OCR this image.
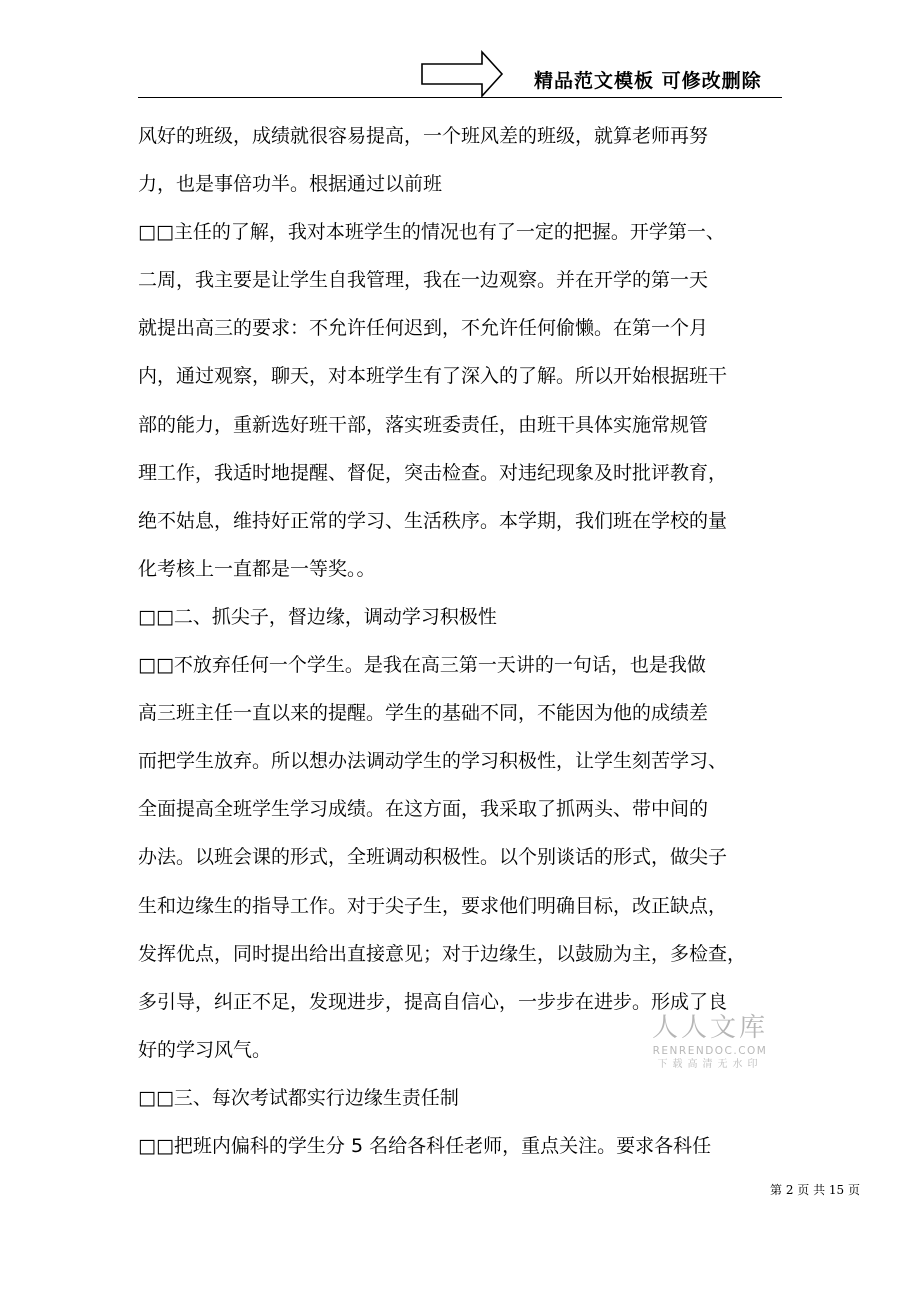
精品范文模板 可修改删除
风好的班级，成绩就很容易提高，一个班风差的班级，就算老师再努
力，也是事倍功半。根据通过以前班
□□主任的了解，我对本班学生的情况也有了一定的把握。开学第一、
二周，我主要是让学生自我管理，我在一边观察。并在开学的第一天
就提出高三的要求：不允许任何迟到，不允许任何偷懒。在第一个月
内，通过观察，聊天，对本班学生有了深入的了解。所以开始根据班干
部的能力，重新选好班干部，落实班委责任，由班干具体实施常规管
理工作，我适时地提醒、督促，突击检查。对违纪现象及时批评教育，
绝不姑息，维持好正常的学习、生活秩序。本学期，我们班在学校的量
化考核上一直都是一等奖。。
□□二、抓尖子，督边缘，调动学习积极性
□□不放弃任何一个学生。是我在高三第一天讲的一句话，也是我做
高三班主任一直以来的提醒。学生的基础不同，不能因为他的成绩差
而把学生放弃。所以想办法调动学生的学习积极性，让学生刻苦学习、
全面提高全班学生学习成绩。在这方面，我采取了抓两头、带中间的
办法。以班会课的形式，全班调动积极性。以个别谈话的形式，做尖子
生和边缘生的指导工作。对于尖子生，要求他们明确目标，改正缺点，
发挥优点，同时提出给出直接意见；对于边缘生，以鼓励为主，多检查，
多引导，纠正不足，发现进步，提高自信心，一步步在进步。形成了良
好的学习风气。
□□三、每次考试都实行边缘生责任制
□□把班内偏科的学生分 5 名给各科任老师，重点关注。要求各科任
人人文库
RENRENDOC.COM
下载高清无水印
第 2 页 共 15 页
